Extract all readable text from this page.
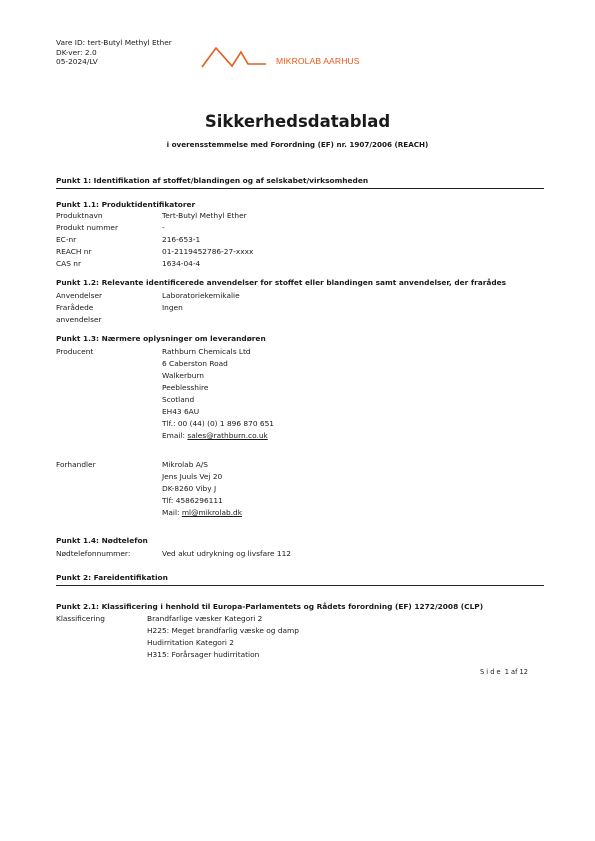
Vare ID: tert-Butyl Methyl Ether
DK-ver: 2.0
05-2024/LV	MIKROLAB AARHUS
Sikkerhedsdatablad
i overensstemmelse med Forordning (EF) nr. 1907/2006 (REACH)
Punkt 1: Identifikation af stoffet/blandingen og af selskabet/virksomheden
Punkt 1.1: Produktidentifikatorer
Produktnavn	Tert-Butyl Methyl Ether
Produkt nummer	-
EC-nr	216-653-1
REACH nr	01-2119452786-27-xxxx
CAS nr	1634-04-4
Punkt 1.2: Relevante identificerede anvendelser for stoffet eller blandingen samt anvendelser, der frarådes
Anvendelser	Laboratoriekemikalie
Frarådede	Ingen
anvendelser
Punkt 1.3: Nærmere oplysninger om leverandøren
Producent	Rathburn Chemicals Ltd
6 Caberston Road
Walkerburn
Peeblesshire
Scotland
EH43 6AU
Tlf.: 00 (44) (0) 1 896 870 651
Email: sales@rathburn.co.uk
Forhandler	Mikrolab A/S
Jens Juuls Vej 20
DK-8260 Viby J
Tlf: 4586296111
Mail: ml@mikrolab.dk
Punkt 1.4: Nødtelefon
Nødtelefonnummer:	Ved akut udrykning og livsfare 112
Punkt 2: Fareidentifikation
Punkt 2.1: Klassificering i henhold til Europa-Parlamentets og Rådets forordning (EF) 1272/2008 (CLP)
Klassificering	Brandfarlige væsker Kategori 2
H225: Meget brandfarlig væske og damp
Hudirritation Kategori 2
H315: Forårsager hudirritation
S i d e 1 af 12
